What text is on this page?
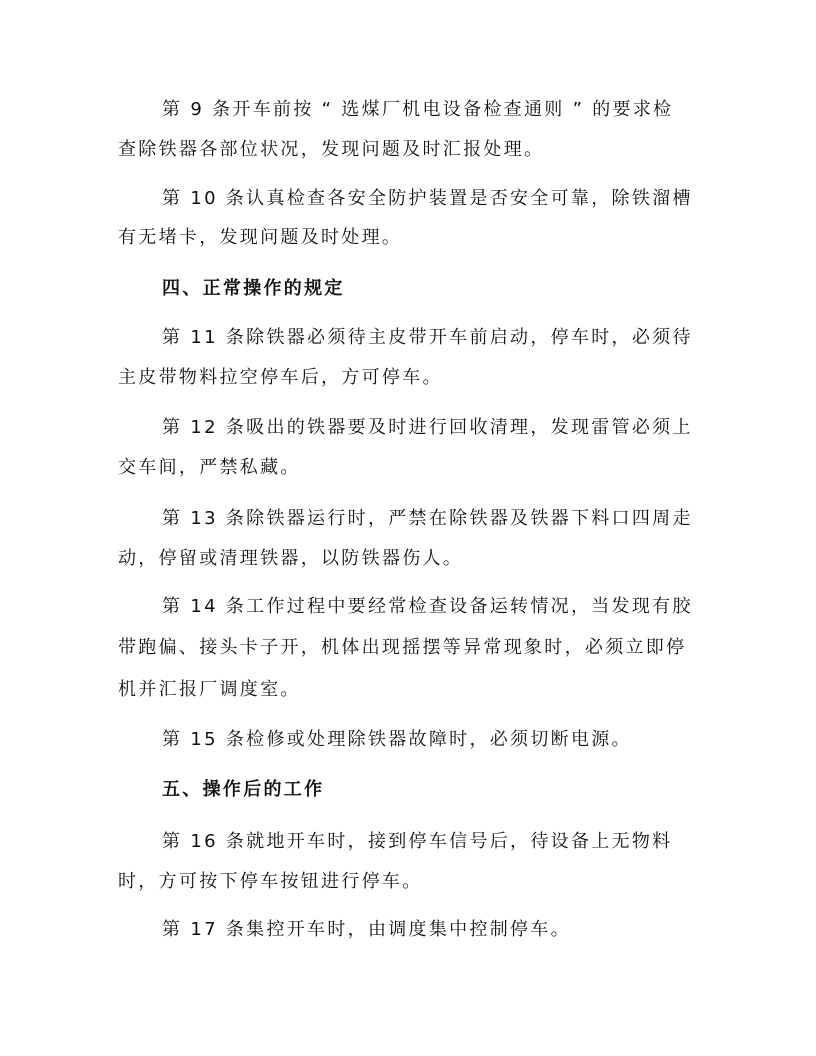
第 9 条开车前按 “ 选煤厂机电设备检查通则 ” 的要求检
查除铁器各部位状况，发现问题及时汇报处理。
第 10 条认真检查各安全防护装置是否安全可靠，除铁溜槽
有无堵卡，发现问题及时处理。
四、正常操作的规定
第 11 条除铁器必须待主皮带开车前启动，停车时，必须待
主皮带物料拉空停车后，方可停车。
第 12 条吸出的铁器要及时进行回收清理，发现雷管必须上
交车间，严禁私藏。
第 13 条除铁器运行时，严禁在除铁器及铁器下料口四周走
动，停留或清理铁器，以防铁器伤人。
第 14 条工作过程中要经常检查设备运转情况，当发现有胶
带跑偏、接头卡子开，机体出现摇摆等异常现象时，必须立即停
机并汇报厂调度室。
第 15 条检修或处理除铁器故障时，必须切断电源。
五、操作后的工作
第 16 条就地开车时，接到停车信号后，待设备上无物料
时，方可按下停车按钮进行停车。
第 17 条集控开车时，由调度集中控制停车。
